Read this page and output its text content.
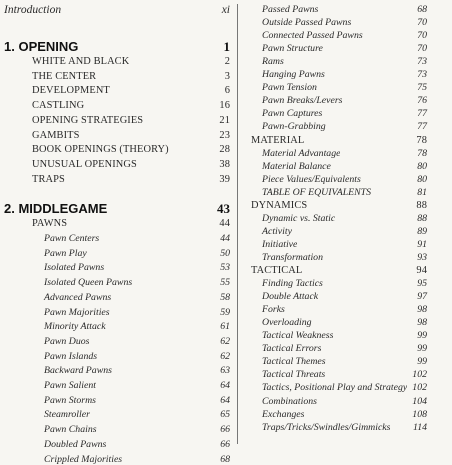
Introduction	xi
1. OPENING	1
WHITE AND BLACK	2
THE CENTER	3
DEVELOPMENT	6
CASTLING	16
OPENING STRATEGIES	21
GAMBITS	23
BOOK OPENINGS (THEORY)	28
UNUSUAL OPENINGS	38
TRAPS	39
2. MIDDLEGAME	43
PAWNS	44
Pawn Centers	44
Pawn Play	50
Isolated Pawns	53
Isolated Queen Pawns	55
Advanced Pawns	58
Pawn Majorities	59
Minority Attack	61
Pawn Duos	62
Pawn Islands	62
Backward Pawns	63
Pawn Salient	64
Pawn Storms	64
Steamroller	65
Pawn Chains	66
Doubled Pawns	66
Crippled Majorities	68
Passed Pawns	68
Outside Passed Pawns	70
Connected Passed Pawns	70
Pawn Structure	70
Rams	73
Hanging Pawns	73
Pawn Tension	75
Pawn Breaks/Levers	76
Pawn Captures	77
Pawn-Grabbing	77
MATERIAL	78
Material Advantage	78
Material Balance	80
Piece Values/Equivalents	80
TABLE OF EQUIVALENTS	81
DYNAMICS	88
Dynamic vs. Static	88
Activity	89
Initiative	91
Transformation	93
TACTICAL	94
Finding Tactics	95
Double Attack	97
Forks	98
Overloading	98
Tactical Weakness	99
Tactical Errors	99
Tactical Themes	99
Tactical Threats	102
Tactics, Positional Play and Strategy 102
Combinations	104
Exchanges	108
Traps/Tricks/Swindles/Gimmicks 114
